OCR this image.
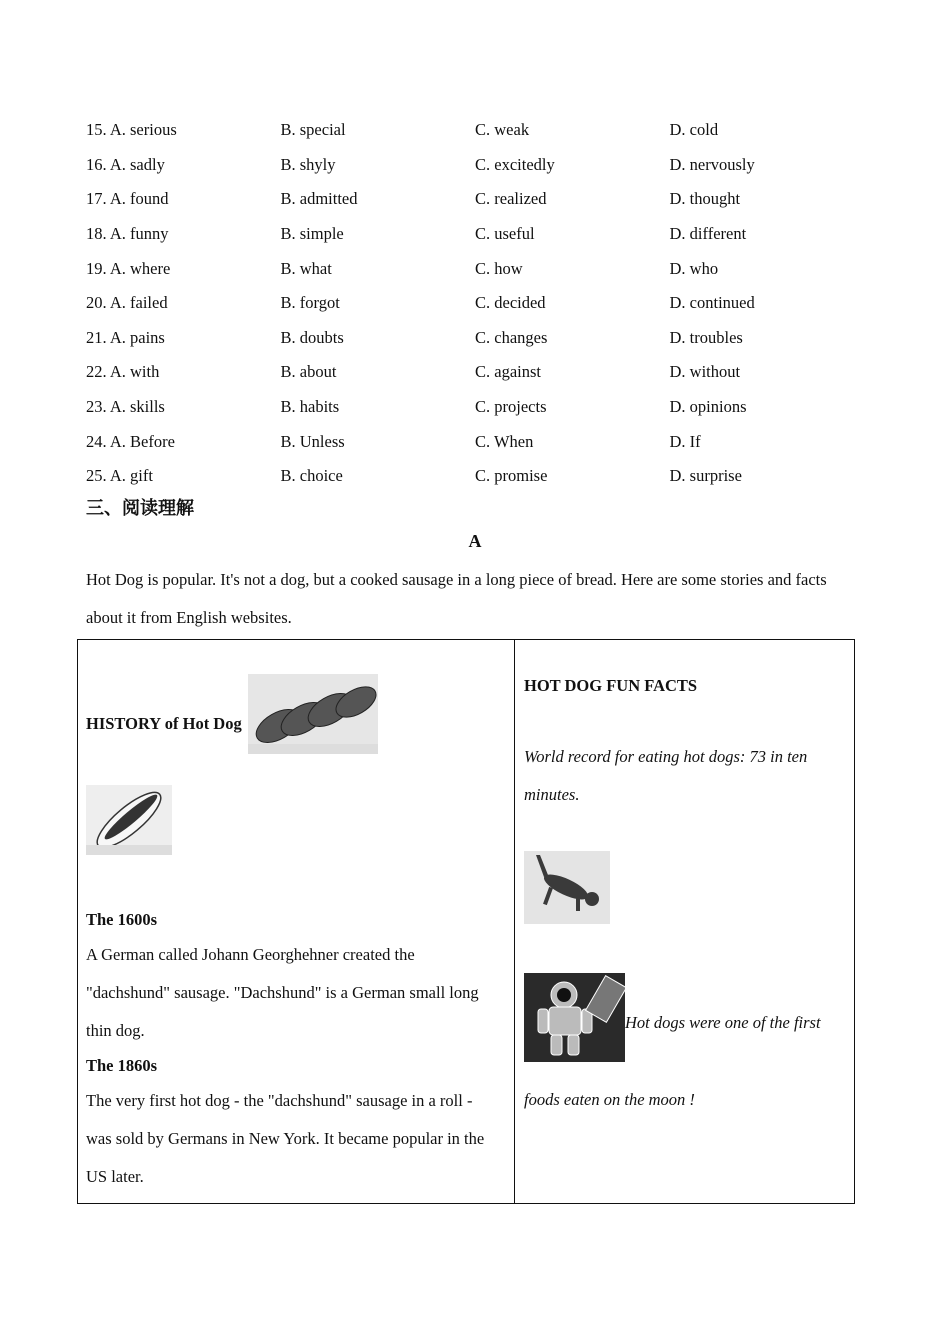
15. A. serious	B. special	C. weak	D. cold
16. A. sadly	B. shyly	C. excitedly	D. nervously
17. A. found	B. admitted	C. realized	D. thought
18. A. funny	B. simple	C. useful	D. different
19. A. where	B. what	C. how	D. who
20. A. failed	B. forgot	C. decided	D. continued
21. A. pains	B. doubts	C. changes	D. troubles
22. A. with	B. about	C. against	D. without
23. A. skills	B. habits	C. projects	D. opinions
24. A. Before	B. Unless	C. When	D. If
25. A. gift	B. choice	C. promise	D. surprise
三、阅读理解
A
Hot Dog is popular. It's not a dog, but a cooked sausage in a long piece of bread. Here are some stories and facts about it from English websites.
HISTORY of Hot Dog
The 1600s
A German called Johann Georghehner created the "dachshund" sausage. "Dachshund" is a German small long thin dog.
The 1860s
The very first hot dog - the "dachshund" sausage in a roll - was sold by Germans in New York. It became popular in the US later.
HOT DOG FUN FACTS
World record for eating hot dogs: 73 in ten minutes.
Hot dogs were one of the first
foods eaten on the moon !
